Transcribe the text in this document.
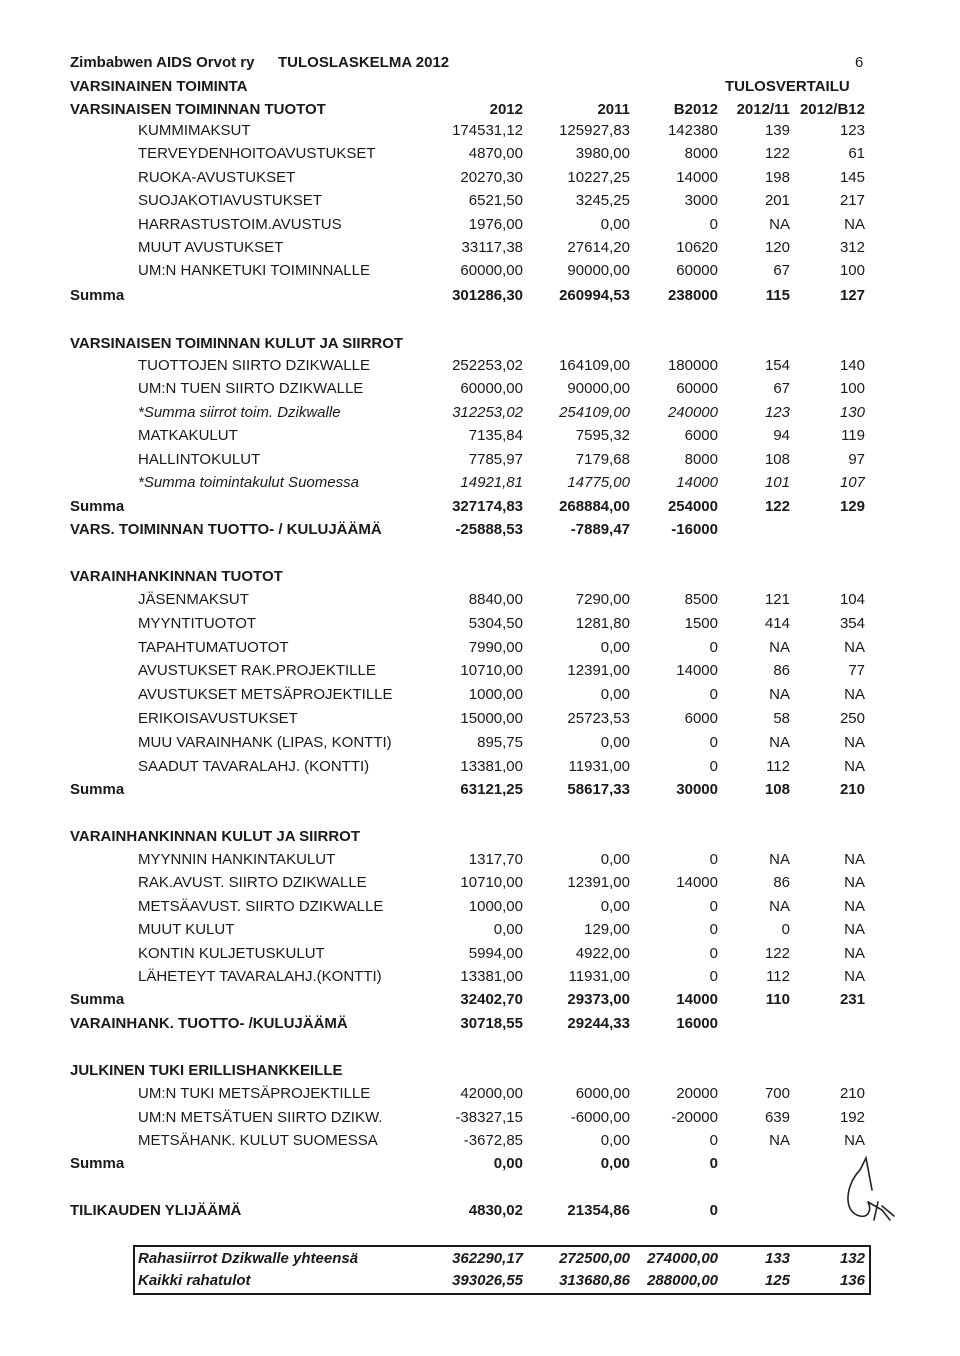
Zimbabwen AIDS Orvot ry TULOSLASKELMA 2012	6
VARSINAINEN TOIMINTA	TULOSVERTAILU
VARSINAISEN TOIMINNAN TUOTOT	2012	2011	B2012 2012/11 2012/B12
KUMMIMAKSUT	174531,12 125927,83	142380	139	123
TERVEYDENHOITOAVUSTUKSET	4870,00	3980,00	8000	122	61
RUOKA-AVUSTUKSET	20270,30	10227,25	14000	198	145
SUOJAKOTIAVUSTUKSET	6521,50	3245,25	3000	201	217
HARRASTUSTOIM.AVUSTUS	1976,00	0,00	0	NA	NA
MUUT AVUSTUKSET	33117,38	27614,20	10620	120	312
UM:N HANKETUKI TOIMINNALLE	60000,00	90000,00	60000	67	100
Summa	301286,30 260994,53	238000	115	127
VARSINAISEN TOIMINNAN KULUT JA SIIRROT
TUOTTOJEN SIIRTO DZIKWALLE	252253,02 164109,00	180000	154	140
UM:N TUEN SIIRTO DZIKWALLE	60000,00	90000,00	60000	67	100
*Summa siirrot toim. Dzikwalle	312253,02 254109,00	240000	123	130
MATKAKULUT	7135,84	7595,32	6000	94	119
HALLINTOKULUT	7785,97	7179,68	8000	108	97
*Summa toimintakulut Suomessa	14921,81	14775,00	14000	101	107
Summa	327174,83 268884,00	254000	122	129
VARS. TOIMINNAN TUOTTO- / KULUJÄÄMÄ	-25888,53	-7889,47	-16000
VARAINHANKINNAN TUOTOT
JÄSENMAKSUT	8840,00	7290,00	8500	121	104
MYYNTITUOTOT	5304,50	1281,80	1500	414	354
TAPAHTUMATUOTOT	7990,00	0,00	0	NA	NA
AVUSTUKSET RAK.PROJEKTILLE	10710,00	12391,00	14000	86	77
AVUSTUKSET METSÄPROJEKTILLE	1000,00	0,00	0	NA	NA
ERIKOISAVUSTUKSET	15000,00	25723,53	6000	58	250
MUU VARAINHANK (LIPAS, KONTTI)	895,75	0,00	0	NA	NA
SAADUT TAVARALAHJ. (KONTTI)	13381,00	11931,00	0	112	NA
Summa	63121,25	58617,33	30000	108	210
VARAINHANKINNAN KULUT JA SIIRROT
MYYNNIN HANKINTAKULUT	1317,70	0,00	0	NA	NA
RAK.AVUST. SIIRTO DZIKWALLE	10710,00	12391,00	14000	86	NA
METSÄAVUST. SIIRTO DZIKWALLE	1000,00	0,00	0	NA	NA
MUUT KULUT	0,00	129,00	0	0	NA
KONTIN KULJETUSKULUT	5994,00	4922,00	0	122	NA
LÄHETEYT TAVARALAHJ.(KONTTI)	13381,00	11931,00	0	112	NA
Summa	32402,70	29373,00	14000	110	231
VARAINHANK. TUOTTO- /KULUJÄÄMÄ	30718,55	29244,33	16000
JULKINEN TUKI ERILLISHANKKEILLE
UM:N TUKI METSÄPROJEKTILLE	42000,00	6000,00	20000	700	210
UM:N METSÄTUEN SIIRTO DZIKW.	-38327,15	-6000,00	-20000	639	192
METSÄHANK. KULUT SUOMESSA	-3672,85	0,00	0	NA	NA
Summa	0,00	0,00	0
TILIKAUDEN YLIJÄÄMÄ	4830,02	21354,86	0
Rahasiirrot Dzikwalle yhteensä	362290,17 272500,00 274000,00	133	132
Kaikki rahatulot	393026,55 313680,86 288000,00	125	136
